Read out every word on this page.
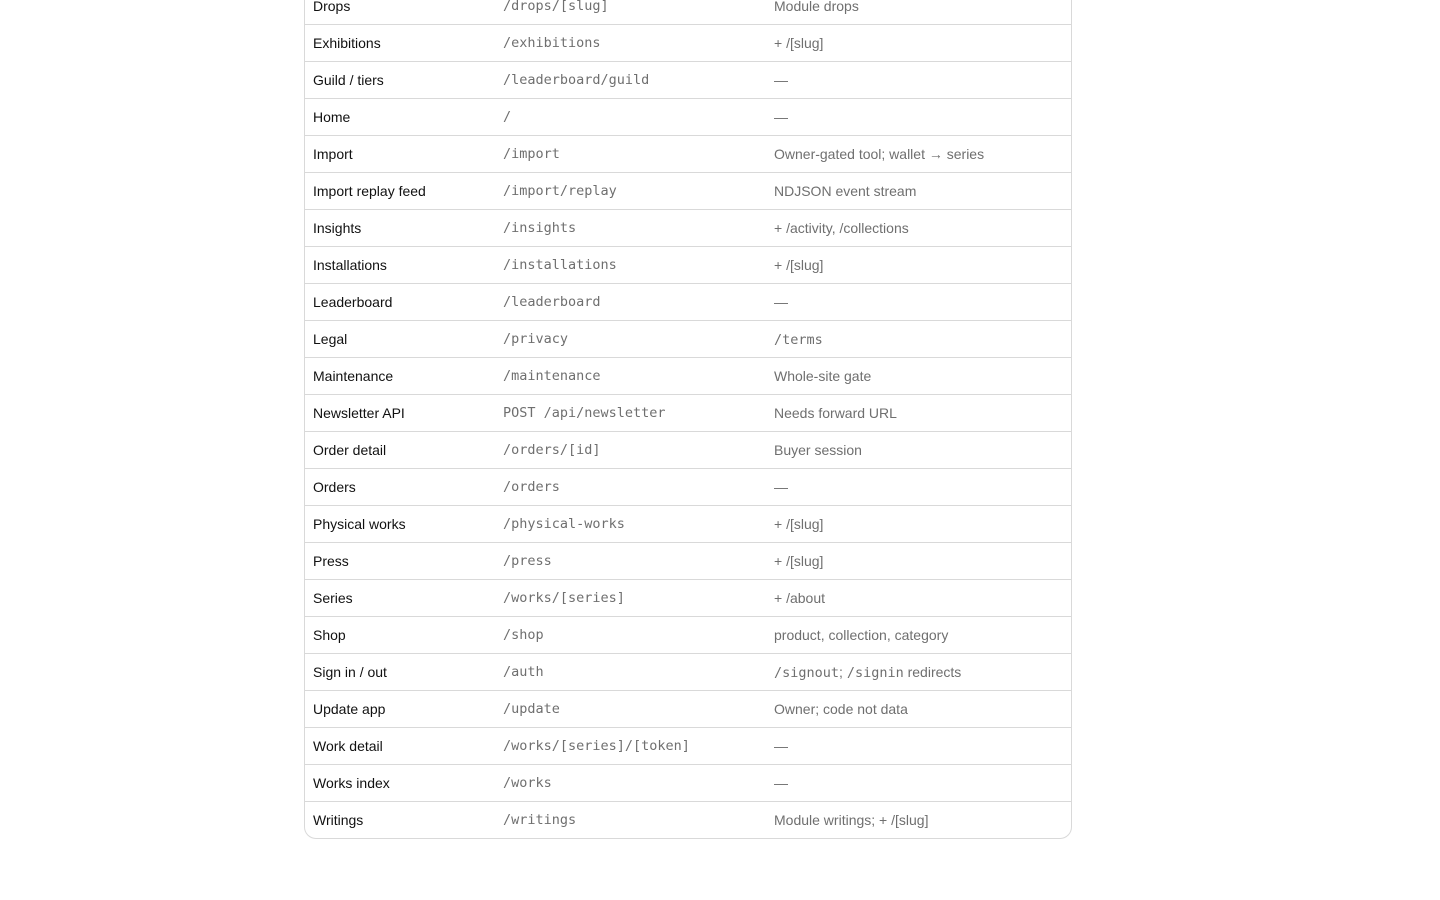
Drops	/drops/[slug]	Module drops
Exhibitions	/exhibitions	+ /[slug]
Guild / tiers	/leaderboard/guild	—
Home	/	—
Import	/import	Owner-gated tool; wallet → series
Import replay feed	/import/replay	NDJSON event stream
Insights	/insights	+ /activity, /collections
Installations	/installations	+ /[slug]
Leaderboard	/leaderboard	—
Legal	/privacy	/terms
Maintenance	/maintenance	Whole-site gate
Newsletter API	POST /api/newsletter	Needs forward URL
Order detail	/orders/[id]	Buyer session
Orders	/orders	—
Physical works	/physical-works	+ /[slug]
Press	/press	+ /[slug]
Series	/works/[series]	+ /about
Shop	/shop	product, collection, category
Sign in / out	/auth	/signout; /signin redirects
Update app	/update	Owner; code not data
Work detail	/works/[series]/[token]	—
Works index	/works	—
Writings	/writings	Module writings; + /[slug]
